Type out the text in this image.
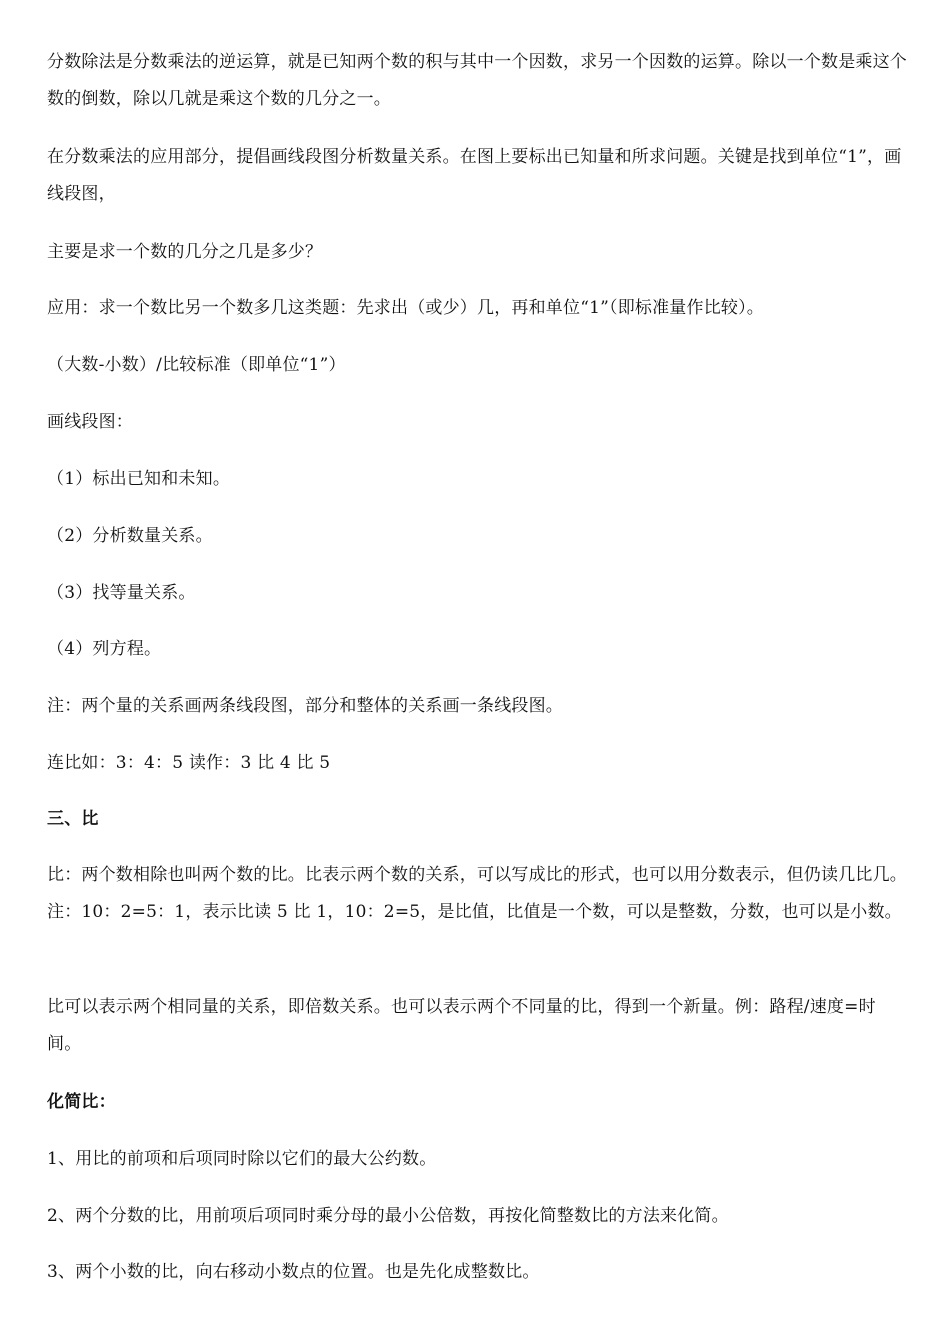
分数除法是分数乘法的逆运算，就是已知两个数的积与其中一个因数，求另一个因数的运算。除以一个数是乘这个数的倒数，除以几就是乘这个数的几分之一。
在分数乘法的应用部分，提倡画线段图分析数量关系。在图上要标出已知量和所求问题。关键是找到单位“1”，画线段图，
主要是求一个数的几分之几是多少？
应用：求一个数比另一个数多几这类题：先求出（或少）几，再和单位“1”（即标准量作比较）。
（大数-小数）/比较标准（即单位“1”）
画线段图：
（1）标出已知和未知。
（2）分析数量关系。
（3）找等量关系。
（4）列方程。
注：两个量的关系画两条线段图，部分和整体的关系画一条线段图。
连比如：3：4：5 读作：3 比 4 比 5
三、比
比：两个数相除也叫两个数的比。比表示两个数的关系，可以写成比的形式，也可以用分数表示，但仍读几比几。注：10：2=5：1，表示比读 5 比 1，10：2=5，是比值，比值是一个数，可以是整数，分数，也可以是小数。
比可以表示两个相同量的关系，即倍数关系。也可以表示两个不同量的比，得到一个新量。例：路程/速度=时间。
化简比：
1、用比的前项和后项同时除以它们的最大公约数。
2、两个分数的比，用前项后项同时乘分母的最小公倍数，再按化简整数比的方法来化简。
3、两个小数的比，向右移动小数点的位置。也是先化成整数比。
